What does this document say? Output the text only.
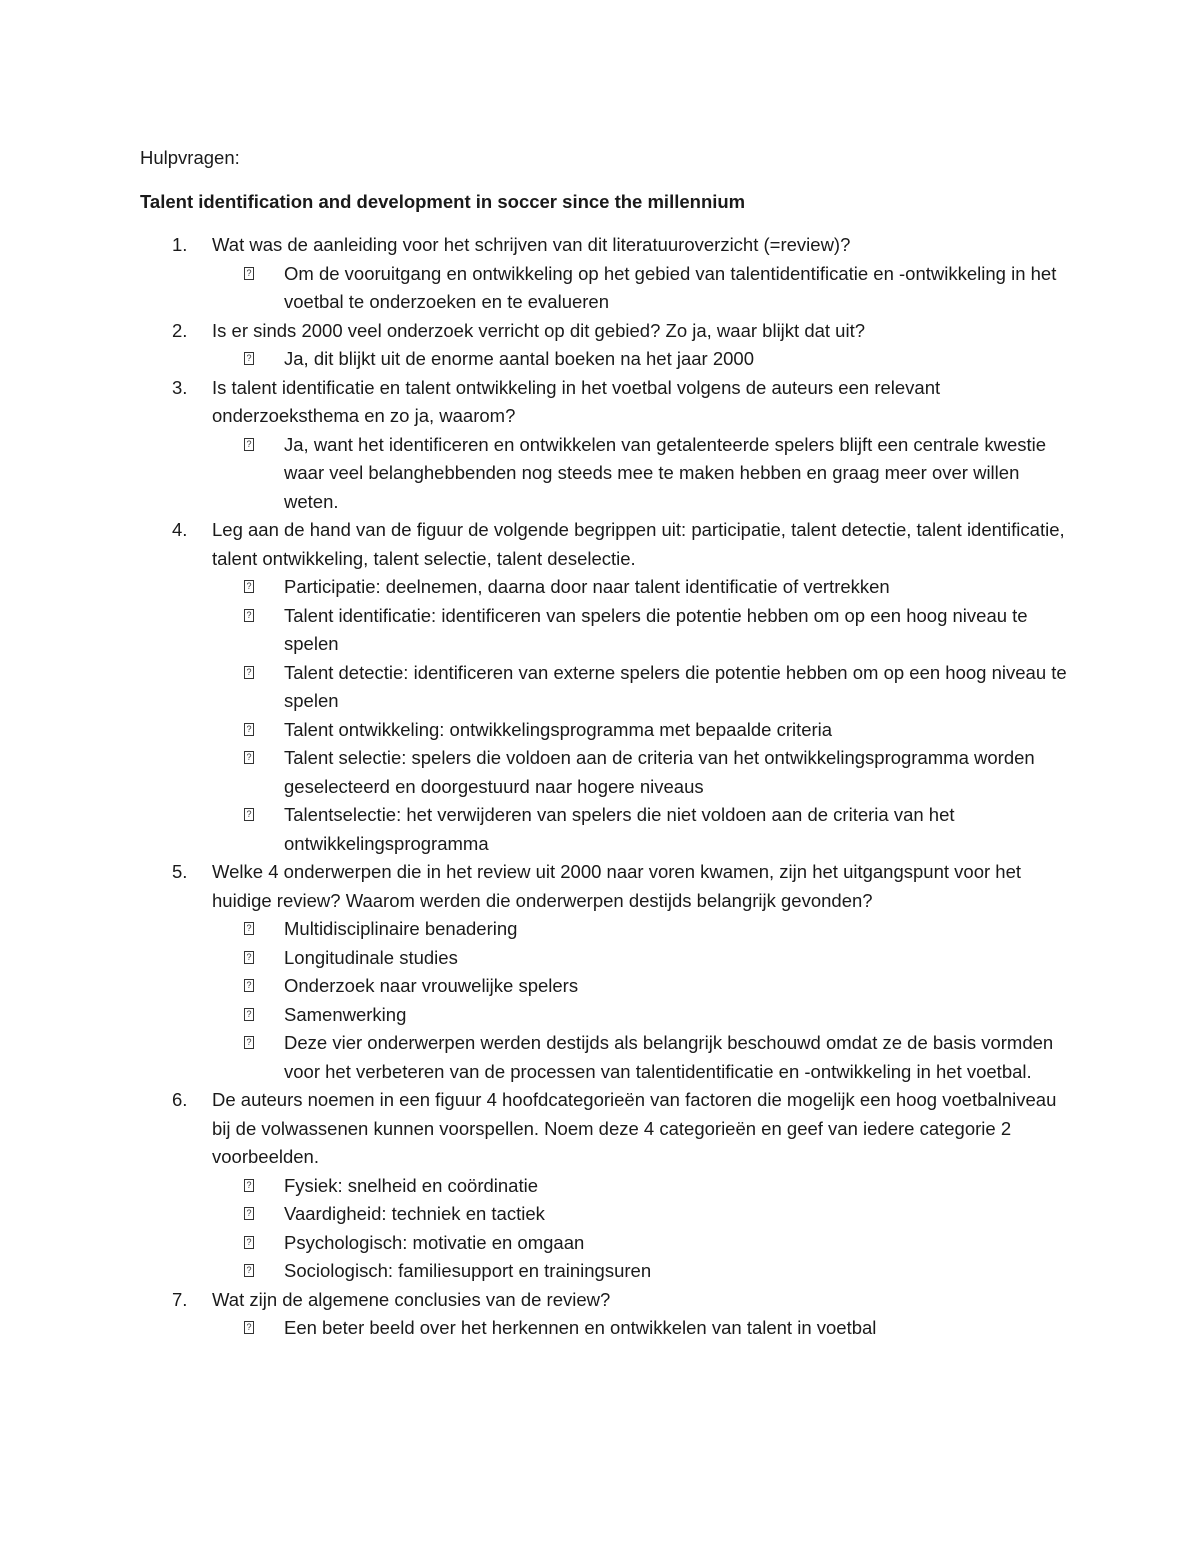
Hulpvragen:

Talent identification and development in soccer since the millennium

1. Wat was de aanleiding voor het schrijven van dit literatuuroverzicht (=review)?
?
Om de vooruitgang en ontwikkeling op het gebied van talentidentificatie en -ontwikkeling in het voetbal te onderzoeken en te evalueren
2. Is er sinds 2000 veel onderzoek verricht op dit gebied? Zo ja, waar blijkt dat uit?
?
Ja, dit blijkt uit de enorme aantal boeken na het jaar 2000
3. Is talent identificatie en talent ontwikkeling in het voetbal volgens de auteurs een relevant onderzoeksthema en zo ja, waarom?
?
Ja, want het identificeren en ontwikkelen van getalenteerde spelers blijft een centrale kwestie waar veel belanghebbenden nog steeds mee te maken hebben en graag meer over willen weten.
4. Leg aan de hand van de figuur de volgende begrippen uit: participatie, talent detectie, talent identificatie, talent ontwikkeling, talent selectie, talent deselectie.
?
Participatie: deelnemen, daarna door naar talent identificatie of vertrekken
?
Talent identificatie: identificeren van spelers die potentie hebben om op een hoog niveau te spelen
?
Talent detectie: identificeren van externe spelers die potentie hebben om op een hoog niveau te spelen
?
Talent ontwikkeling: ontwikkelingsprogramma met bepaalde criteria
?
Talent selectie: spelers die voldoen aan de criteria van het ontwikkelingsprogramma worden geselecteerd en doorgestuurd naar hogere niveaus
?
Talentselectie: het verwijderen van spelers die niet voldoen aan de criteria van het ontwikkelingsprogramma
5. Welke 4 onderwerpen die in het review uit 2000 naar voren kwamen, zijn het uitgangspunt voor het huidige review? Waarom werden die onderwerpen destijds belangrijk gevonden?
?
Multidisciplinaire benadering
?
Longitudinale studies
?
Onderzoek naar vrouwelijke spelers
?
Samenwerking
?
Deze vier onderwerpen werden destijds als belangrijk beschouwd omdat ze de basis vormden voor het verbeteren van de processen van talentidentificatie en -ontwikkeling in het voetbal.
6. De auteurs noemen in een figuur 4 hoofdcategorieën van factoren die mogelijk een hoog voetbalniveau bij de volwassenen kunnen voorspellen. Noem deze 4 categorieën en geef van iedere categorie 2 voorbeelden.
?
Fysiek: snelheid en coördinatie
?
Vaardigheid: techniek en tactiek
?
Psychologisch: motivatie en omgaan
?
Sociologisch: familiesupport en trainingsuren
7. Wat zijn de algemene conclusies van de review?
?
Een beter beeld over het herkennen en ontwikkelen van talent in voetbal
